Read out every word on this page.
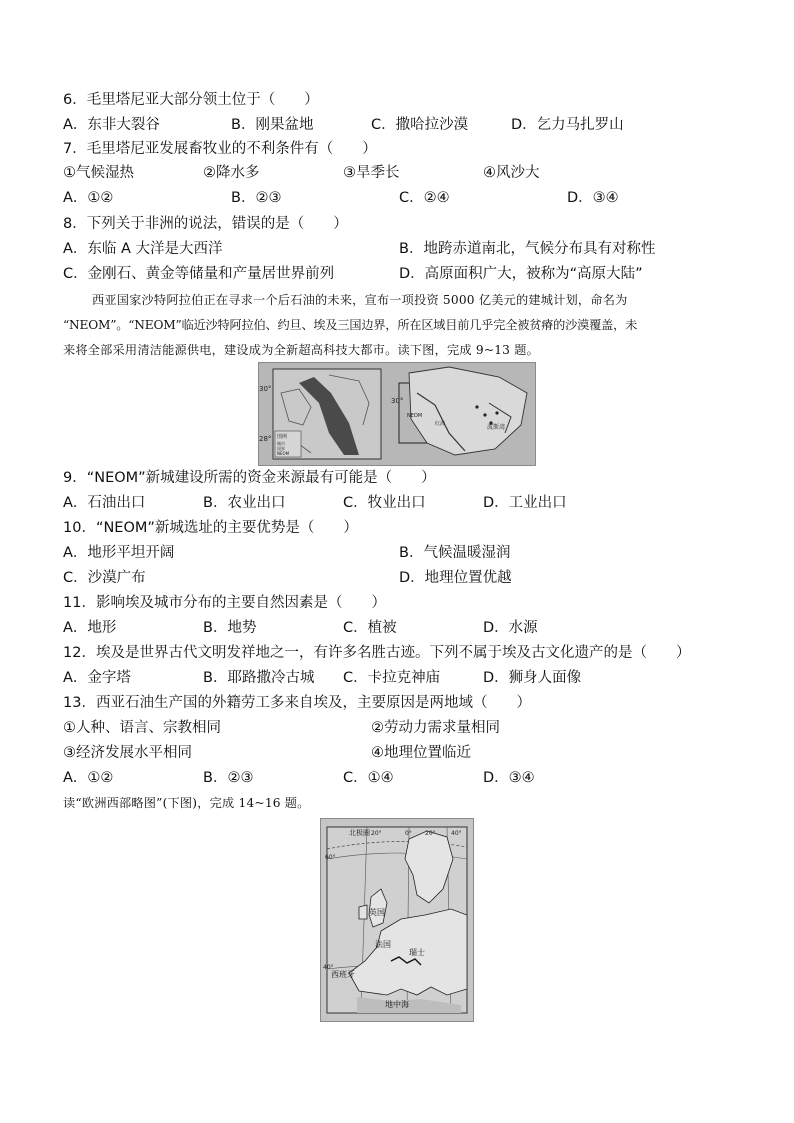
6．毛里塔尼亚大部分领土位于（　　）
A．东非大裂谷	B．刚果盆地	C．撒哈拉沙漠	D．乞力马扎罗山
7．毛里塔尼亚发展畜牧业的不利条件有（　　）
①气候湿热	②降水多	③旱季长	④风沙大
A．①②	B．②③	C．②④	D．③④
8．下列关于非洲的说法，错误的是（　　）
A．东临 A 大洋是大西洋	B．地跨赤道南北，气候分布具有对称性
C．金刚石、黄金等储量和产量居世界前列	D．高原面积广大，被称为“高原大陆”
西亚国家沙特阿拉伯正在寻求一个后石油的未来，宣布一项投资 5000 亿美元的建城计划，命名为
“NEOM”。“NEOM”临近沙特阿拉伯、约旦、埃及三国边界，所在区域目前几乎完全被贫瘠的沙漠覆盖，未
来将全部采用清洁能源供电，建设成为全新超高科技大都市。读下图，完成 9~13 题。
30°
28° 图例
城市
国界
NEOM
30°
波斯湾
红海
NEOM
9．“NEOM”新城建设所需的资金来源最有可能是（　　）
A．石油出口	B．农业出口	C．牧业出口	D．工业出口
10．“NEOM”新城选址的主要优势是（　　）
A．地形平坦开阔	B．气候温暖湿润
C．沙漠广布	D．地理位置优越
11．影响埃及城市分布的主要自然因素是（　　）
A．地形	B．地势	C．植被	D．水源
12．埃及是世界古代文明发祥地之一，有许多名胜古迹。下列不属于埃及古文化遗产的是（　　）
A．金字塔	B．耶路撒冷古城 C．卡拉克神庙	D．狮身人面像
13．西亚石油生产国的外籍劳工多来自埃及，主要原因是两地域（　　）
①人种、语言、宗教相同	②劳动力需求量相同
③经济发展水平相同	④地理位置临近
A．①②	B．②③	C．①④	D．③④
读“欧洲西部略图”(下图)，完成 14~16 题。
北极圈 20°	0° 20°	40°
60°
40°
英国
法国
瑞士
西班牙
地中海
